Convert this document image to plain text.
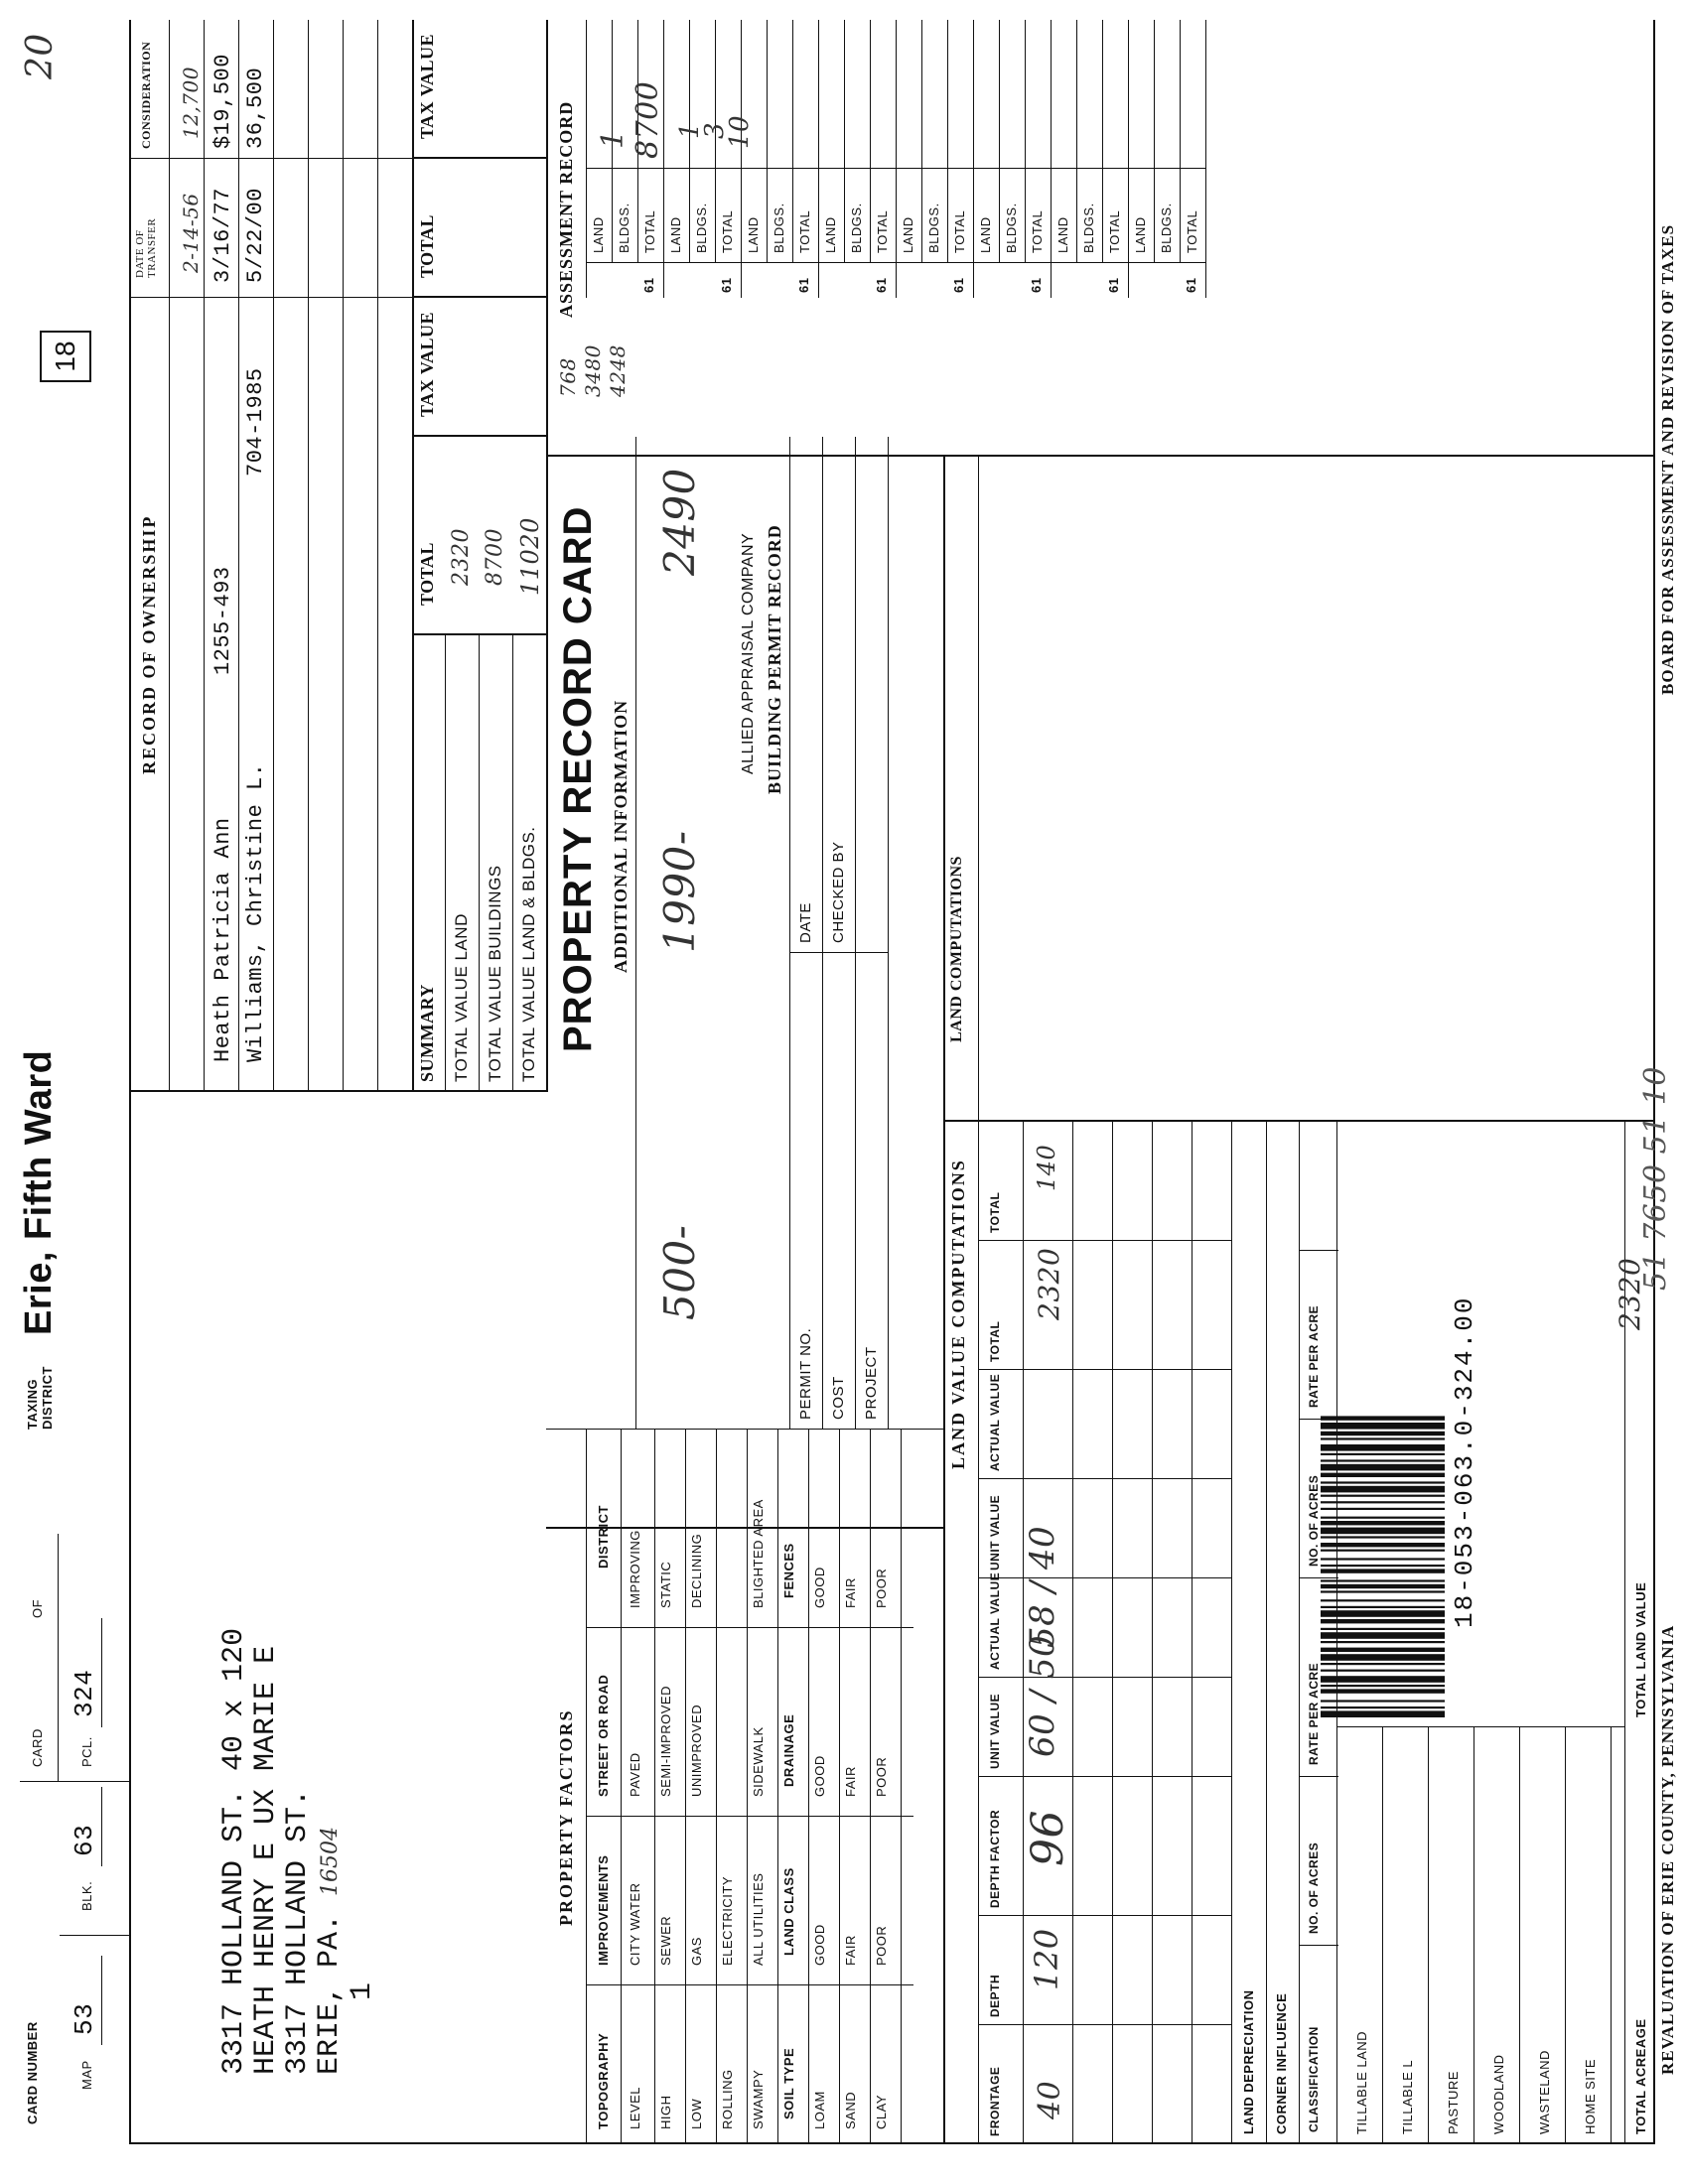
CARD NUMBER	MAP
53
BLK.
63
CARD	PCL.
324
OF
TAXING DISTRICT
Erie, Fifth Ward
18
20
3317 HOLLAND ST. 40 x 120
HEATH HENRY E UX MARIE E
3317 HOLLAND ST.
ERIE, PA. 16504
1
RECORD OF OWNERSHIP
DATE OF TRANSFER
CONSIDERATION
2-14-56
12,700
Heath Patricia Ann
1255-493
3/16/77
$19,500
Williams, Christine L.
704-1985
5/22/00
36,500
SUMMARY
TOTAL
TAX VALUE
TOTAL
TAX VALUE
TOTAL VALUE LAND TOTAL VALUE BUILDINGS TOTAL VALUE LAND & BLDGS.
2320 8700 11020
768 3480 4248
PROPERTY RECORD CARD ADDITIONAL INFORMATION
500-
1990-
2490
ALLIED APPRAISAL COMPANY BUILDING PERMIT RECORD
PERMIT NO.
DATE
COST
CHECKED BY
PROJECT
PROPERTY FACTORS
TOPOGRAPHY
IMPROVEMENTS
STREET OR ROAD
DISTRICT
LEVEL
CITY WATER
PAVED
IMPROVING
HIGH
SEWER
SEMI-IMPROVED
STATIC
LOW
GAS
UNIMPROVED
DECLINING
ROLLING
ELECTRICITY
SWAMPY
ALL UTILITIES
SIDEWALK
BLIGHTED AREA
SOIL TYPE
LAND CLASS
DRAINAGE
FENCES
LOAM
GOOD
GOOD
GOOD
SAND
FAIR
FAIR
FAIR
CLAY
POOR
POOR
POOR
LAND VALUE COMPUTATIONS
FRONTAGE
DEPTH
DEPTH FACTOR
UNIT VALUE
ACTUAL VALUE
UNIT VALUE
ACTUAL VALUE
TOTAL
TOTAL
40
120
96
60 / 50
58 / 40
2320
140
LAND DEPRECIATION CORNER INFLUENCE CLASSIFICATION
NO. OF ACRES
RATE PER ACRE
NO. OF ACRES
RATE PER ACRE
TILLABLE LAND TILLABLE L PASTURE WOODLAND WASTELAND HOME SITE
LAND COMPUTATIONS
18-053-063.0-324.00
TOTAL ACREAGE
TOTAL LAND VALUE
2320
ASSESSMENT RECORD LAND BLDGS. TOTAL
61
LAND BLDGS. TOTAL
61
LAND BLDGS. TOTAL
61
LAND BLDGS. TOTAL
61
LAND BLDGS. TOTAL
61
LAND BLDGS. TOTAL
61
LAND BLDGS. TOTAL
61
LAND BLDGS. TOTAL
61
1 8700 1
3
10
REVALUATION OF ERIE COUNTY, PENNSYLVANIA
51 7650 51 10
BOARD FOR ASSESSMENT AND REVISION OF TAXES
